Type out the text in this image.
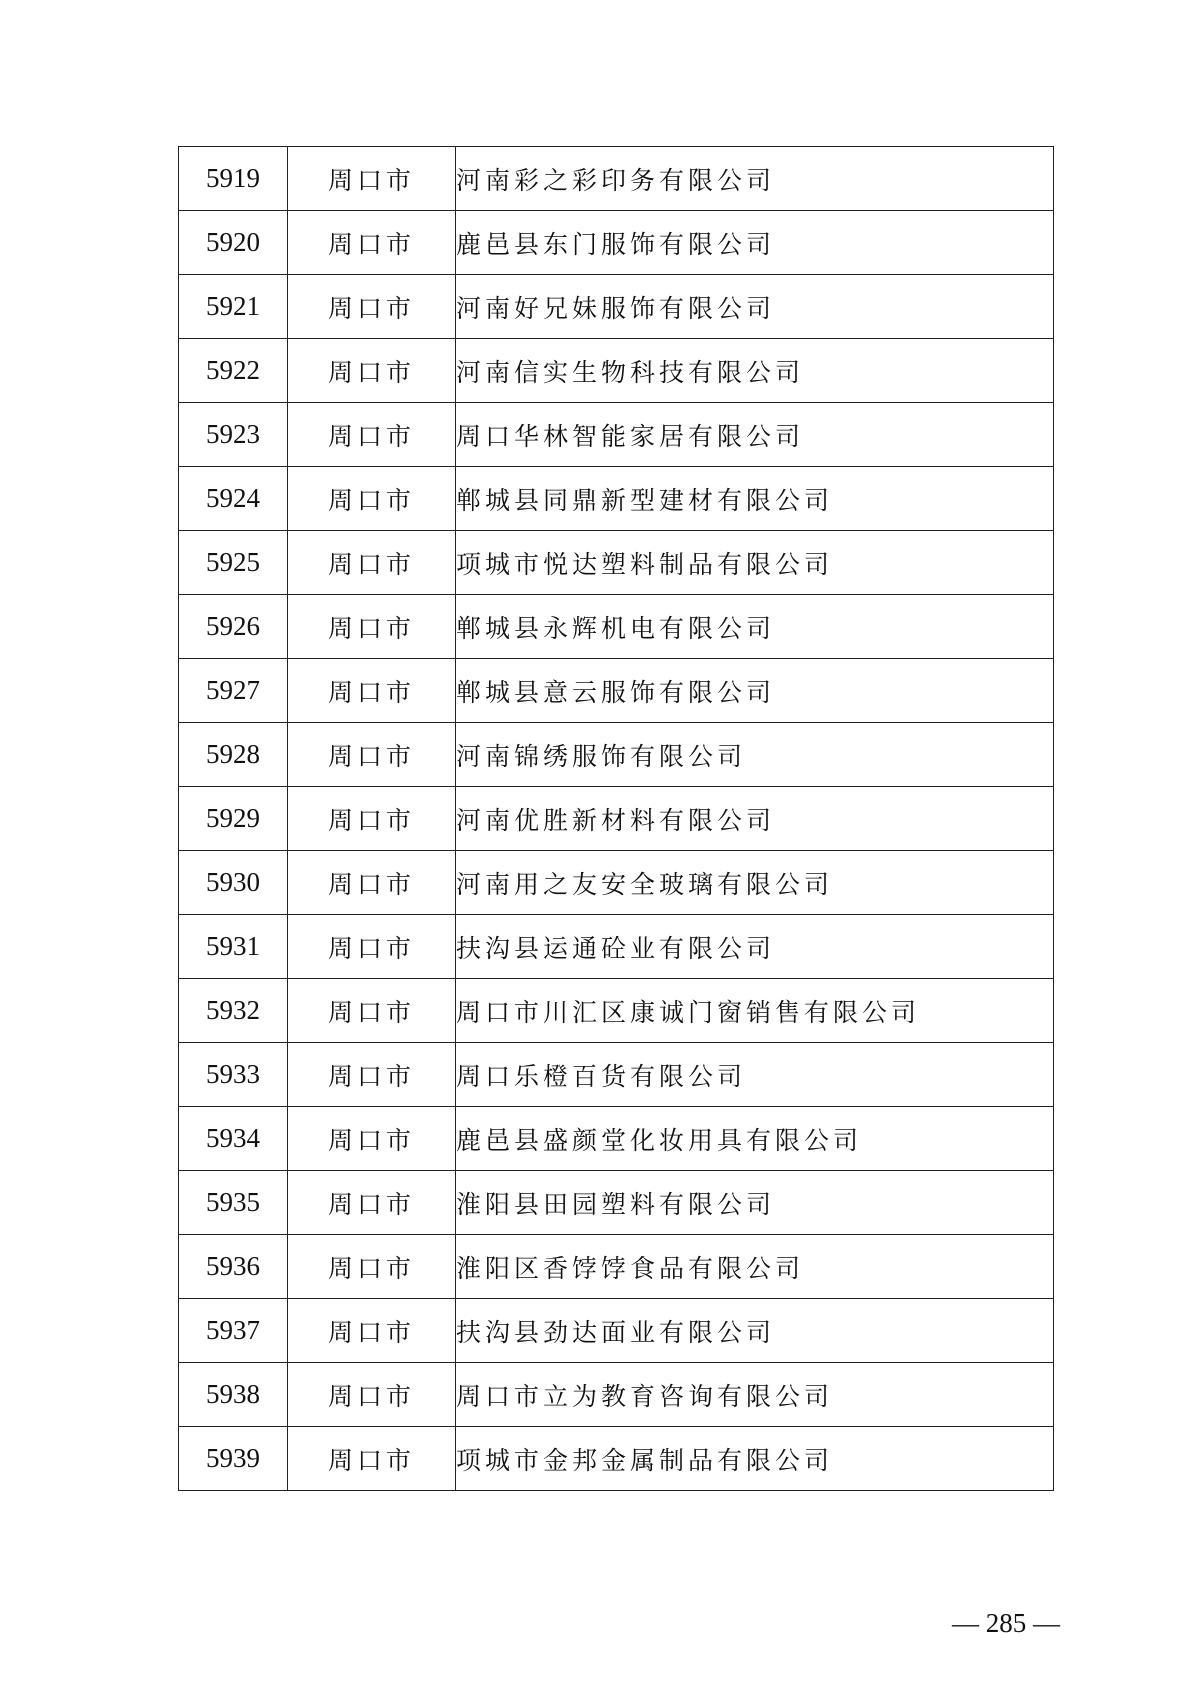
5919	周口市	河南彩之彩印务有限公司
5920	周口市	鹿邑县东门服饰有限公司
5921	周口市	河南好兄妹服饰有限公司
5922	周口市	河南信实生物科技有限公司
5923	周口市	周口华林智能家居有限公司
5924	周口市	郸城县同鼎新型建材有限公司
5925	周口市	项城市悦达塑料制品有限公司
5926	周口市	郸城县永辉机电有限公司
5927	周口市	郸城县意云服饰有限公司
5928	周口市	河南锦绣服饰有限公司
5929	周口市	河南优胜新材料有限公司
5930	周口市	河南用之友安全玻璃有限公司
5931	周口市	扶沟县运通砼业有限公司
5932	周口市	周口市川汇区康诚门窗销售有限公司
5933	周口市	周口乐橙百货有限公司
5934	周口市	鹿邑县盛颜堂化妆用具有限公司
5935	周口市	淮阳县田园塑料有限公司
5936	周口市	淮阳区香饽饽食品有限公司
5937	周口市	扶沟县劲达面业有限公司
5938	周口市	周口市立为教育咨询有限公司
5939	周口市	项城市金邦金属制品有限公司
— 285 —
